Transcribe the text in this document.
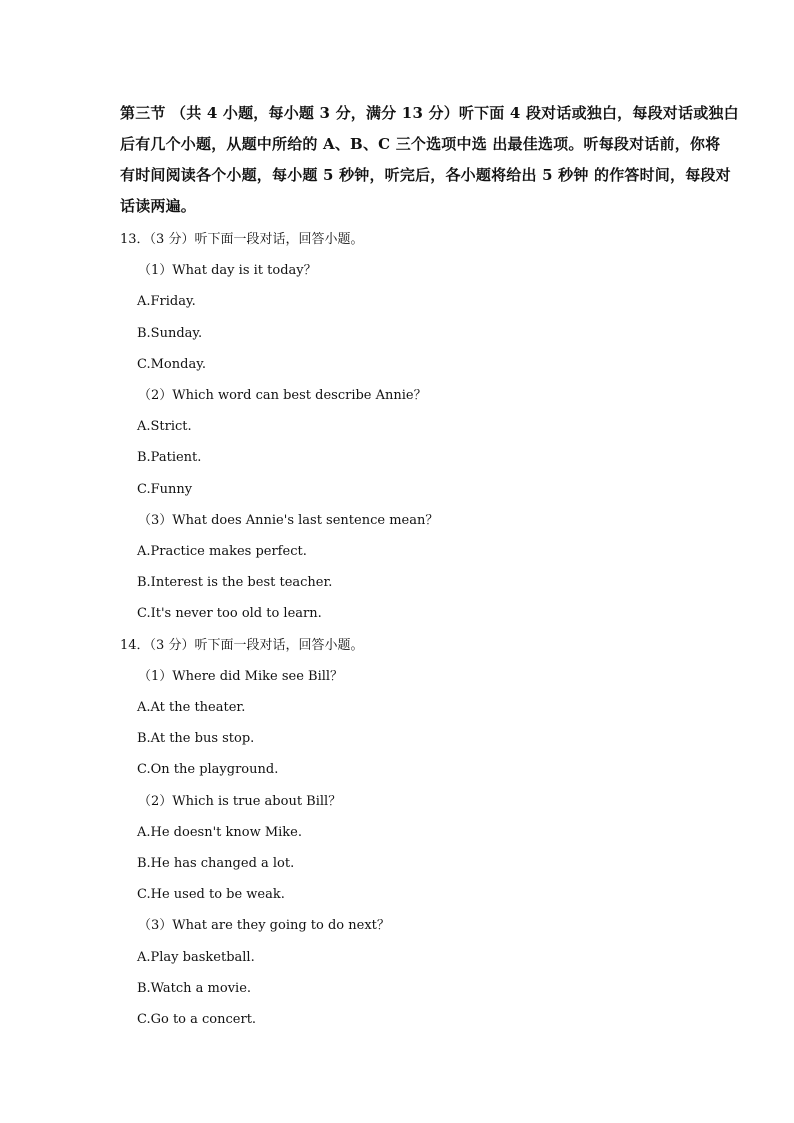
第三节 （共 4 小题，每小题 3 分，满分 13 分）听下面 4 段对话或独白，每段对话或独白
后有几个小题，从题中所给的 A、B、C 三个选项中选 出最佳选项。听每段对话前，你将
有时间阅读各个小题，每小题 5 秒钟，听完后，各小题将给出 5 秒钟 的作答时间，每段对
话读两遍。
13．（3 分）听下面一段对话，回答小题。
（1）What day is it today？
A.Friday.
B.Sunday.
C.Monday.
（2）Which word can best describe Annie？
A.Strict.
B.Patient.
C.Funny
（3）What does Annie's last sentence mean？
A.Practice makes perfect.
B.Interest is the best teacher.
C.It's never too old to learn.
14．（3 分）听下面一段对话，回答小题。
（1）Where did Mike see Bill？
A.At the theater.
B.At the bus stop.
C.On the playground.
（2）Which is true about Bill？
A.He doesn't know Mike.
B.He has changed a lot.
C.He used to be weak.
（3）What are they going to do next？
A.Play basketball.
B.Watch a movie.
C.Go to a concert.
